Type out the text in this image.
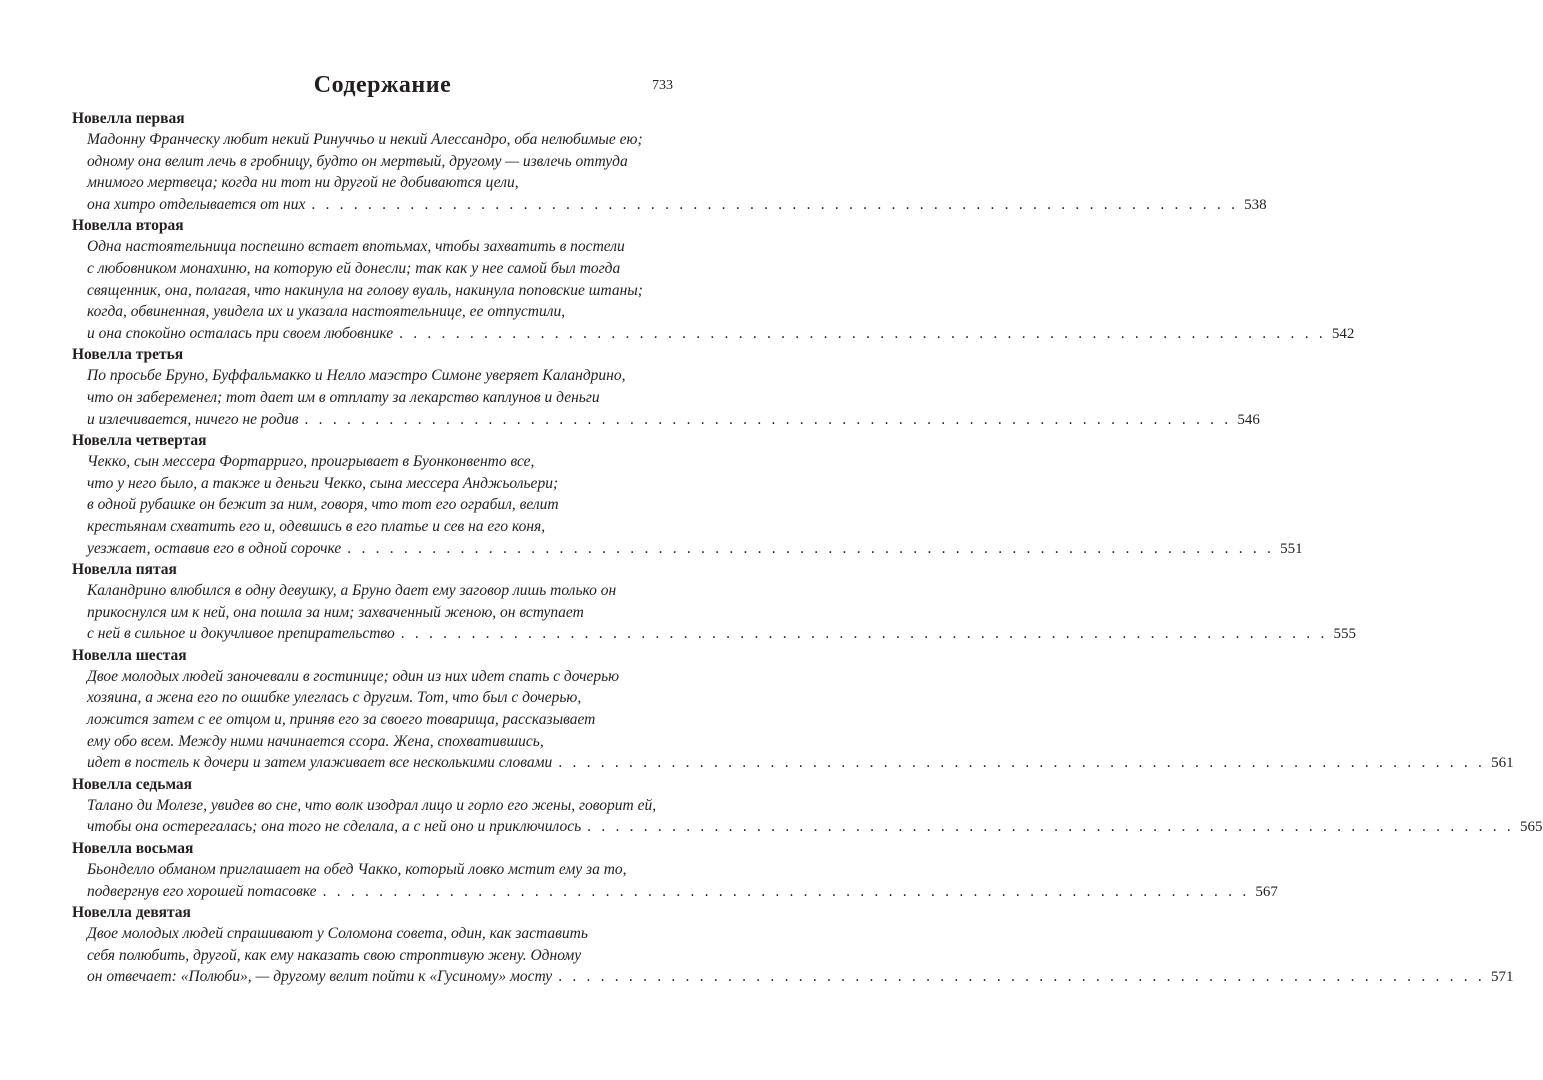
Содержание	733
Новелла первая
Мадонну Франческу любит некий Ринуччьо и некий Алессандро, оба нелюбимые ею;
одному она велит лечь в гробницу, будто он мертвый, другому — извлечь оттуда
мнимого мертвеца; когда ни тот ни другой не добиваются цели,
она хитро отделывается от них . . . . . . . . . . . . . . . . . . . . . . . . . . . . . . . . . . . . . . . . . . . . . . . . . . . . . . . . . . . . . . . . . . 538
Новелла вторая
Одна настоятельница поспешно встает впотьмах, чтобы захватить в постели
с любовником монахиню, на которую ей донесли; так как у нее самой был тогда
священник, она, полагая, что накинула на голову вуаль, накинула поповские штаны;
когда, обвиненная, увидела их и указала настоятельнице, ее отпустили,
и она спокойно осталась при своем любовнике . . . . . . . . . . . . . . . . . . . . . . . . . . . . . . . . . . . . . . . . . . . . . . . . . . . . . . . . . . . . . . . . . . 542
Новелла третья
По просьбе Бруно, Буффальмакко и Нелло маэстро Симоне уверяет Каландрино,
что он забеременел; тот дает им в отплату за лекарство каплунов и деньги
и излечивается, ничего не родив . . . . . . . . . . . . . . . . . . . . . . . . . . . . . . . . . . . . . . . . . . . . . . . . . . . . . . . . . . . . . . . . . . 546
Новелла четвертая
Чекко, сын мессера Фортарриго, проигрывает в Буонконвенто все,
что у него было, а также и деньги Чекко, сына мессера Анджьольери;
в одной рубашке он бежит за ним, говоря, что тот его ограбил, велит
крестьянам схватить его и, одевшись в его платье и сев на его коня,
уезжает, оставив его в одной сорочке . . . . . . . . . . . . . . . . . . . . . . . . . . . . . . . . . . . . . . . . . . . . . . . . . . . . . . . . . . . . . . . . . . 551
Новелла пятая
Каландрино влюбился в одну девушку, а Бруно дает ему заговор лишь только он
прикоснулся им к ней, она пошла за ним; захваченный женою, он вступает
с ней в сильное и докучливое препирательство . . . . . . . . . . . . . . . . . . . . . . . . . . . . . . . . . . . . . . . . . . . . . . . . . . . . . . . . . . . . . . . . . . 555
Новелла шестая
Двое молодых людей заночевали в гостинице; один из них идет спать с дочерью
хозяина, а жена его по ошибке улеглась с другим. Тот, что был с дочерью,
ложится затем с ее отцом и, приняв его за своего товарища, рассказывает
ему обо всем. Между ними начинается ссора. Жена, спохватившись,
идет в постель к дочери и затем улаживает все несколькими словами . . . . . . . . . . . . . . . . . . . . . . . . . . . . . . . . . . . . . . . . . . . . . . . . . . . . . . . . . . . . . . . . . . 561
Новелла седьмая
Талано ди Молезе, увидев во сне, что волк изодрал лицо и горло его жены, говорит ей,
чтобы она остерегалась; она того не сделала, а с ней оно и приключилось . . . . . . . . . . . . . . . . . . . . . . . . . . . . . . . . . . . . . . . . . . . . . . . . . . . . . . . . . . . . . . . . . . 565
Новелла восьмая
Бьонделло обманом приглашает на обед Чакко, который ловко мстит ему за то,
подвергнув его хорошей потасовке . . . . . . . . . . . . . . . . . . . . . . . . . . . . . . . . . . . . . . . . . . . . . . . . . . . . . . . . . . . . . . . . . . 567
Новелла девятая
Двое молодых людей спрашивают у Соломона совета, один, как заставить
себя полюбить, другой, как ему наказать свою строптивую жену. Одному
он отвечает: «Полюби», — другому велит пойти к «Гусиному» мосту . . . . . . . . . . . . . . . . . . . . . . . . . . . . . . . . . . . . . . . . . . . . . . . . . . . . . . . . . . . . . . . . . . 571
